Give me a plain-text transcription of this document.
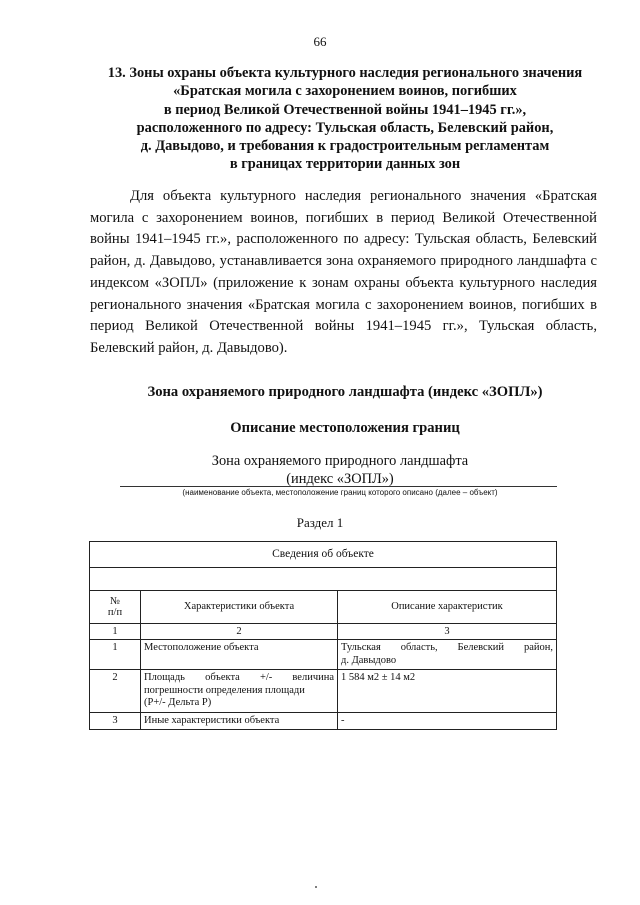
66
13. Зоны охраны объекта культурного наследия регионального значения
«Братская могила с захоронением воинов, погибших
в период Великой Отечественной войны 1941–1945 гг.»,
расположенного по адресу: Тульская область, Белевский район,
д. Давыдово, и требования к градостроительным регламентам
в границах территории данных зон

Для объекта культурного наследия регионального значения «Братская могила с захоронением воинов, погибших в период Великой Отечественной войны 1941–1945 гг.», расположенного по адресу: Тульская область, Белевский район, д. Давыдово, устанавливается зона охраняемого природного ландшафта с индексом «ЗОПЛ» (приложение к зонам охраны объекта культурного наследия регионального значения «Братская могила с захоронением воинов, погибших в период Великой Отечественной войны 1941–1945 гг.», Тульская область, Белевский район, д. Давыдово).

Зона охраняемого природного ландшафта (индекс «ЗОПЛ»)
Описание местоположения границ
Зона охраняемого природного ландшафта
(индекс «ЗОПЛ»)
(наименование объекта, местоположение границ которого описано (далее – объект)
Раздел 1
Сведения об объекте		

№
п/п	Характеристики объекта	Описание характеристик
1	2	3
1	Местоположение объекта	Тульская область, Белевский район,
д. Давыдово

2	Площадь объекта +/- величина
погрешности определения площади
(Р+/- Дельта Р)	1 584 м2 ± 14 м2
3	Иные характеристики объекта	-
